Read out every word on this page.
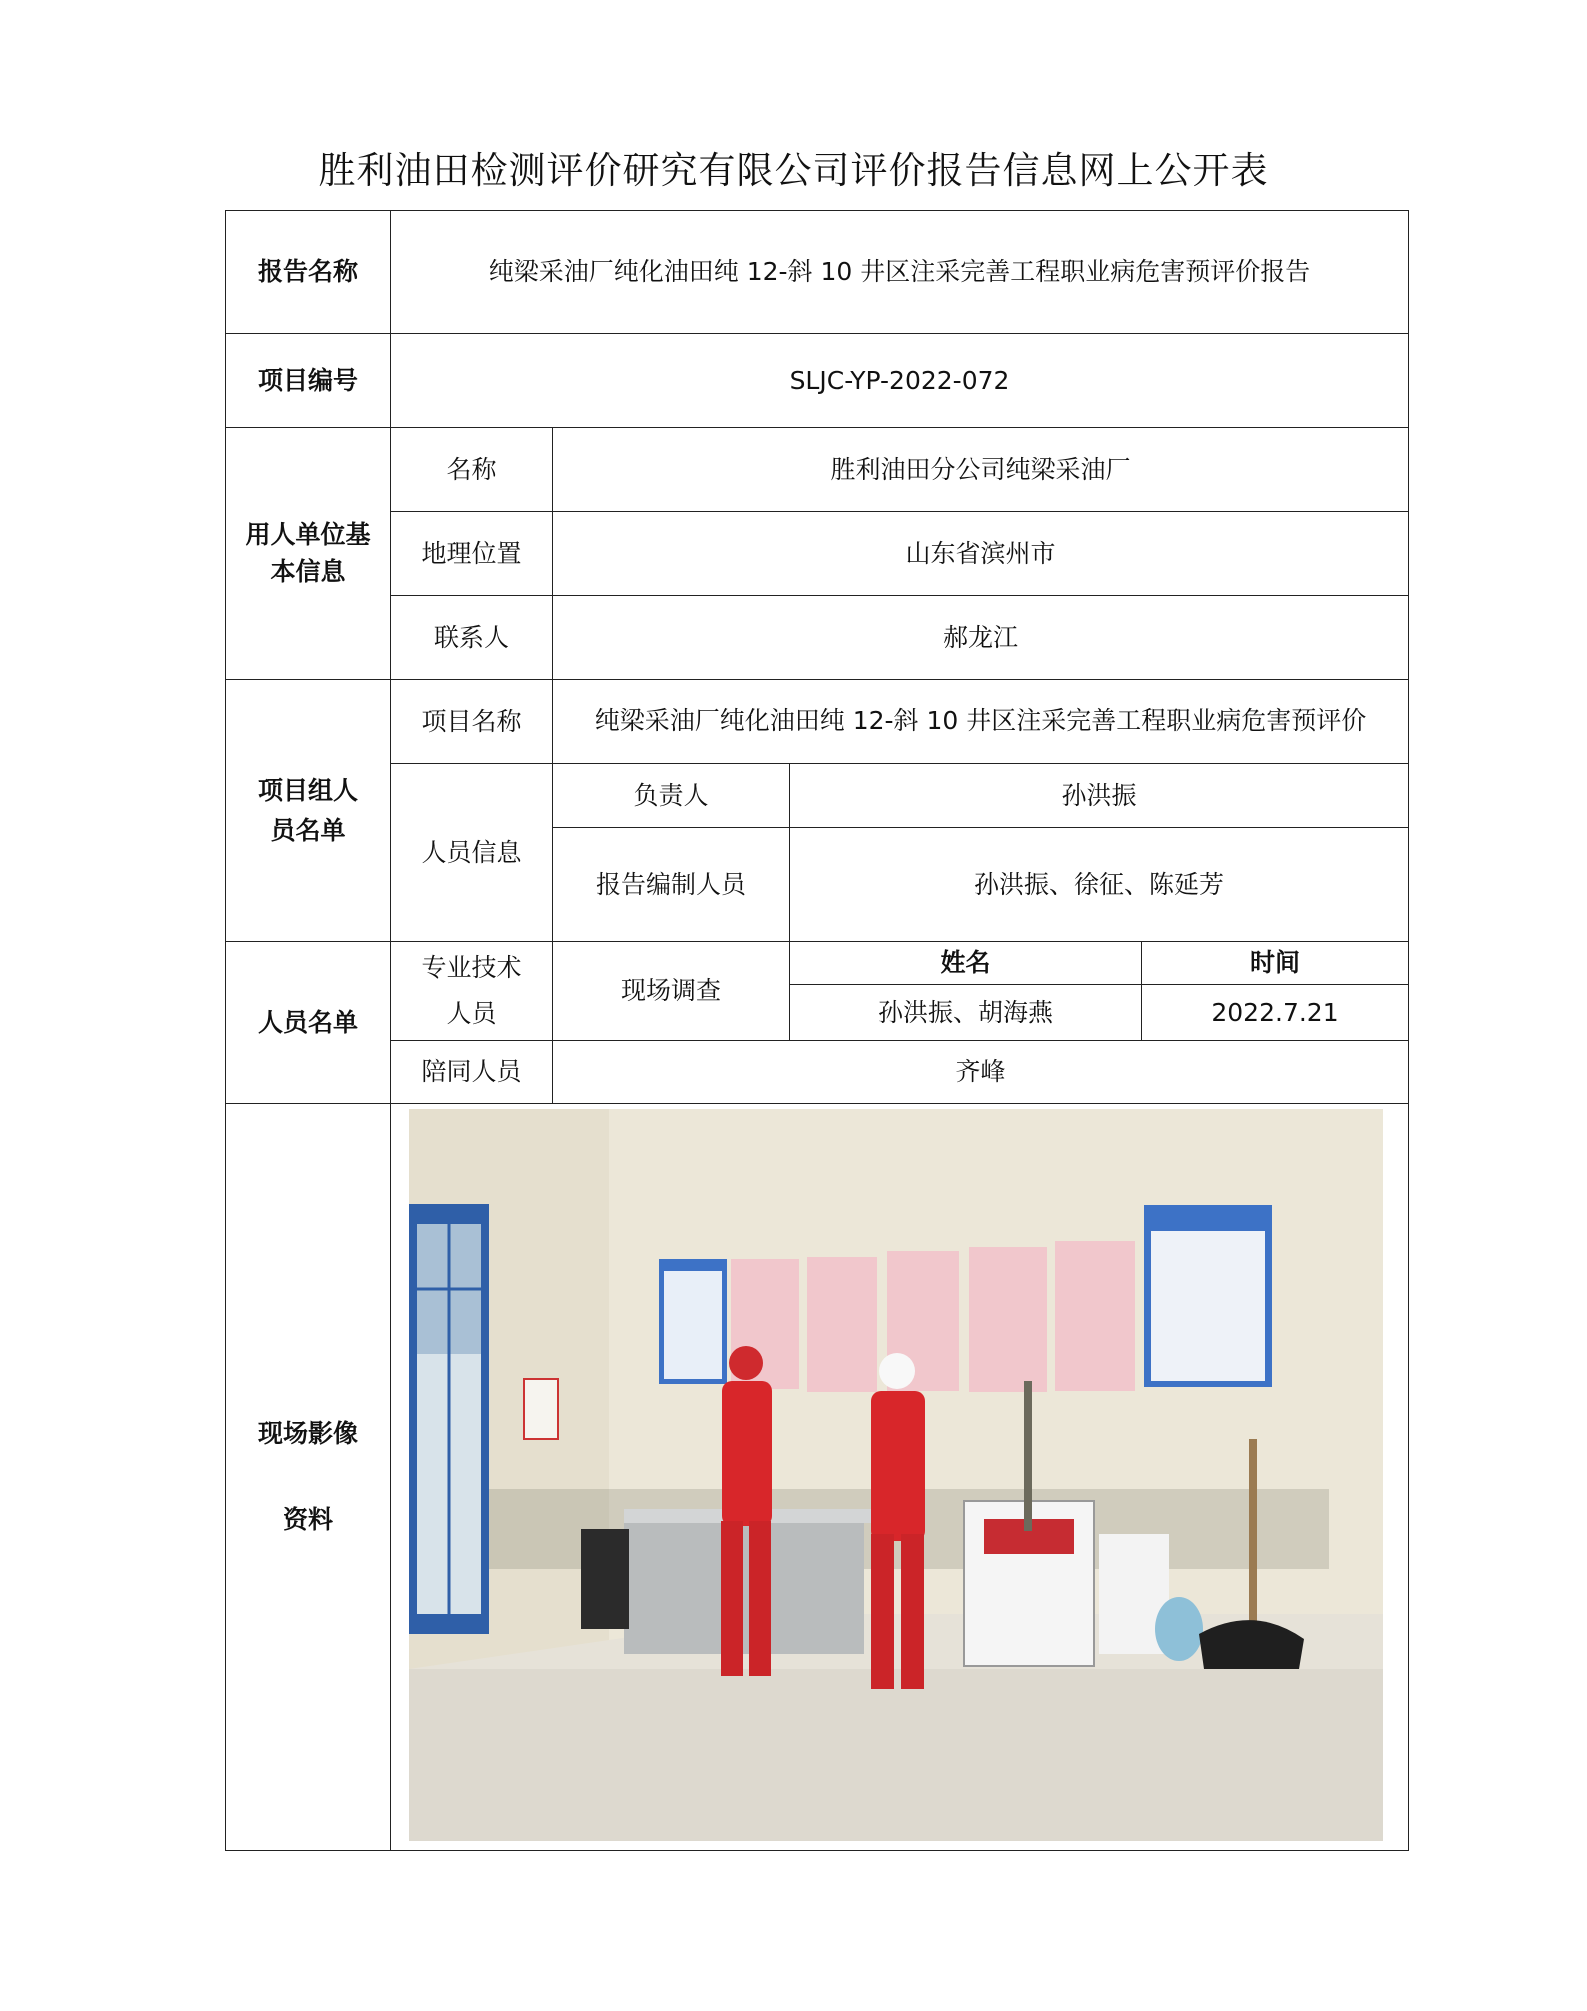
胜利油田检测评价研究有限公司评价报告信息网上公开表
报告名称	纯梁采油厂纯化油田纯 12-斜 10 井区注采完善工程职业病危害预评价报告			
项目编号	SLJC-YP-2022-072			
用人单位基本信息	名称	胜利油田分公司纯梁采油厂		
	地理位置	山东省滨州市		
	联系人	郝龙江		
项目组人员名单	项目名称	纯梁采油厂纯化油田纯 12-斜 10 井区注采完善工程职业病危害预评价		
	人员信息	负责人	孙洪振	
		报告编制人员	孙洪振、徐征、陈延芳	
人员名单	专业技术人员	现场调查	姓名	时间
			孙洪振、胡海燕	2022.7.21
	陪同人员	齐峰		

现场影像
资料
